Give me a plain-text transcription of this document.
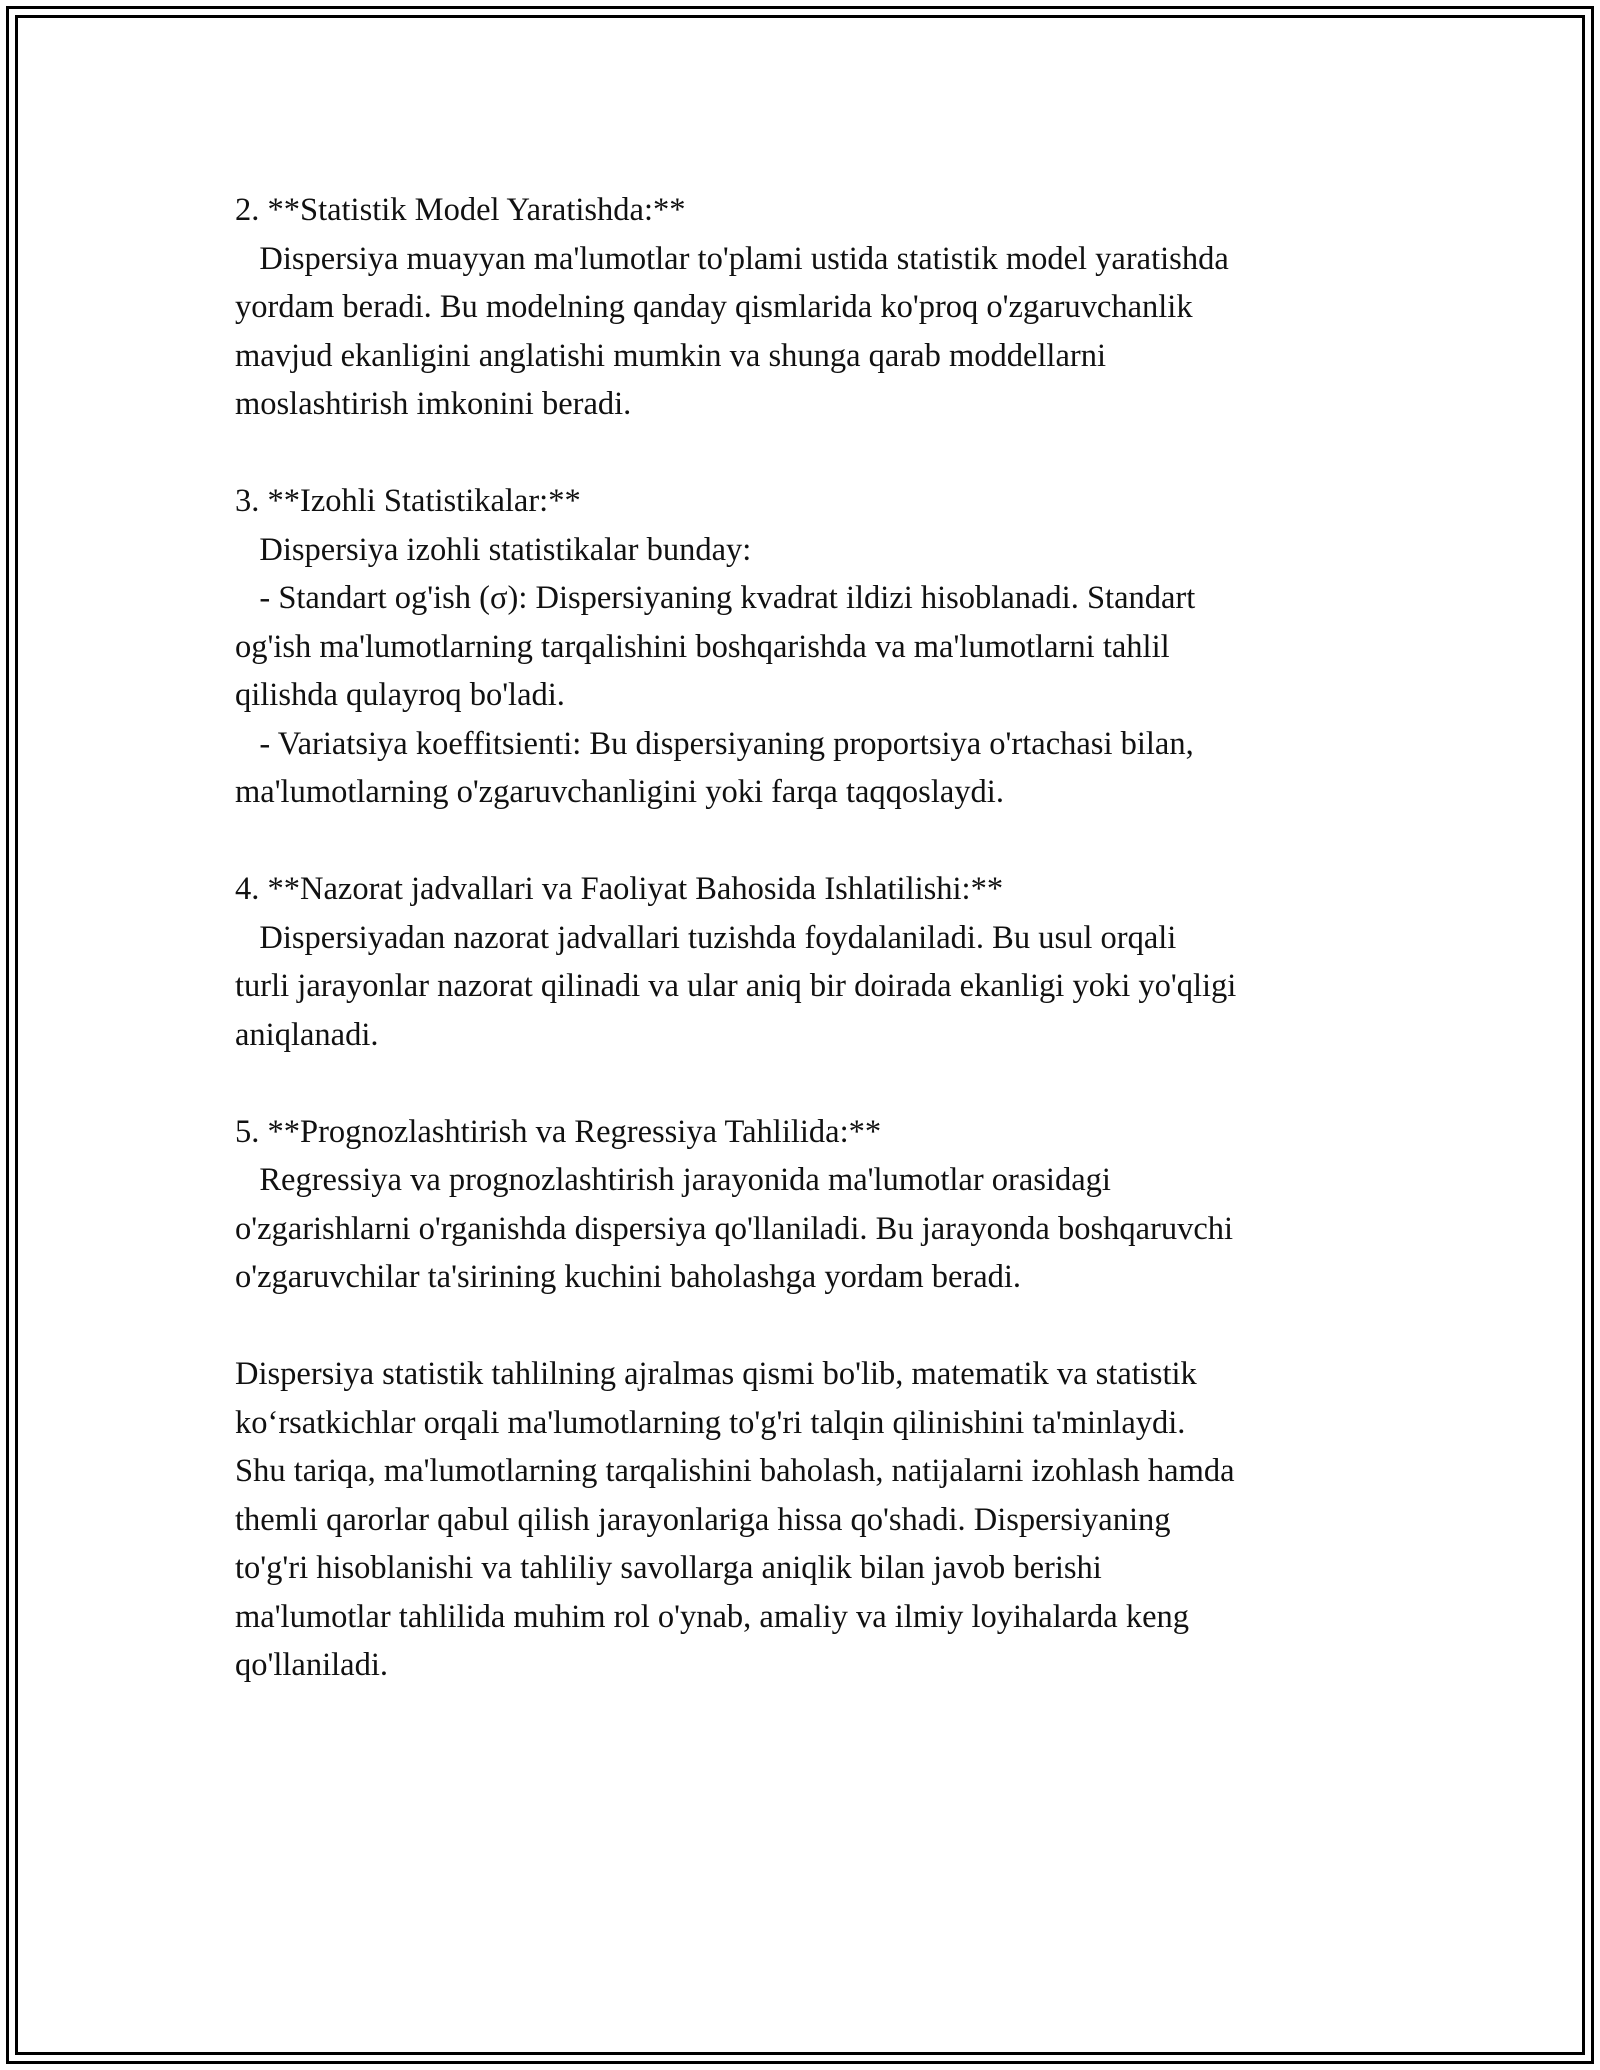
2. **Statistik Model Yaratishda:**
Dispersiya muayyan ma'lumotlar to'plami ustida statistik model yaratishda
yordam beradi. Bu modelning qanday qismlarida ko'proq o'zgaruvchanlik
mavjud ekanligini anglatishi mumkin va shunga qarab moddellarni
moslashtirish imkonini beradi.
3. **Izohli Statistikalar:**
Dispersiya izohli statistikalar bunday:
- Standart og'ish (σ): Dispersiyaning kvadrat ildizi hisoblanadi. Standart
og'ish ma'lumotlarning tarqalishini boshqarishda va ma'lumotlarni tahlil
qilishda qulayroq bo'ladi.
- Variatsiya koeffitsienti: Bu dispersiyaning proportsiya o'rtachasi bilan,
ma'lumotlarning o'zgaruvchanligini yoki farqa taqqoslaydi.
4. **Nazorat jadvallari va Faoliyat Bahosida Ishlatilishi:**
Dispersiyadan nazorat jadvallari tuzishda foydalaniladi. Bu usul orqali
turli jarayonlar nazorat qilinadi va ular aniq bir doirada ekanligi yoki yo'qligi
aniqlanadi.
5. **Prognozlashtirish va Regressiya Tahlilida:**
Regressiya va prognozlashtirish jarayonida ma'lumotlar orasidagi
o'zgarishlarni o'rganishda dispersiya qo'llaniladi. Bu jarayonda boshqaruvchi
o'zgaruvchilar ta'sirining kuchini baholashga yordam beradi.
Dispersiya statistik tahlilning ajralmas qismi bo'lib, matematik va statistik
ko‘rsatkichlar orqali ma'lumotlarning to'g'ri talqin qilinishini ta'minlaydi.
Shu tariqa, ma'lumotlarning tarqalishini baholash, natijalarni izohlash hamda
themli qarorlar qabul qilish jarayonlariga hissa qo'shadi. Dispersiyaning
to'g'ri hisoblanishi va tahliliy savollarga aniqlik bilan javob berishi
ma'lumotlar tahlilida muhim rol o'ynab, amaliy va ilmiy loyihalarda keng
qo'llaniladi.
